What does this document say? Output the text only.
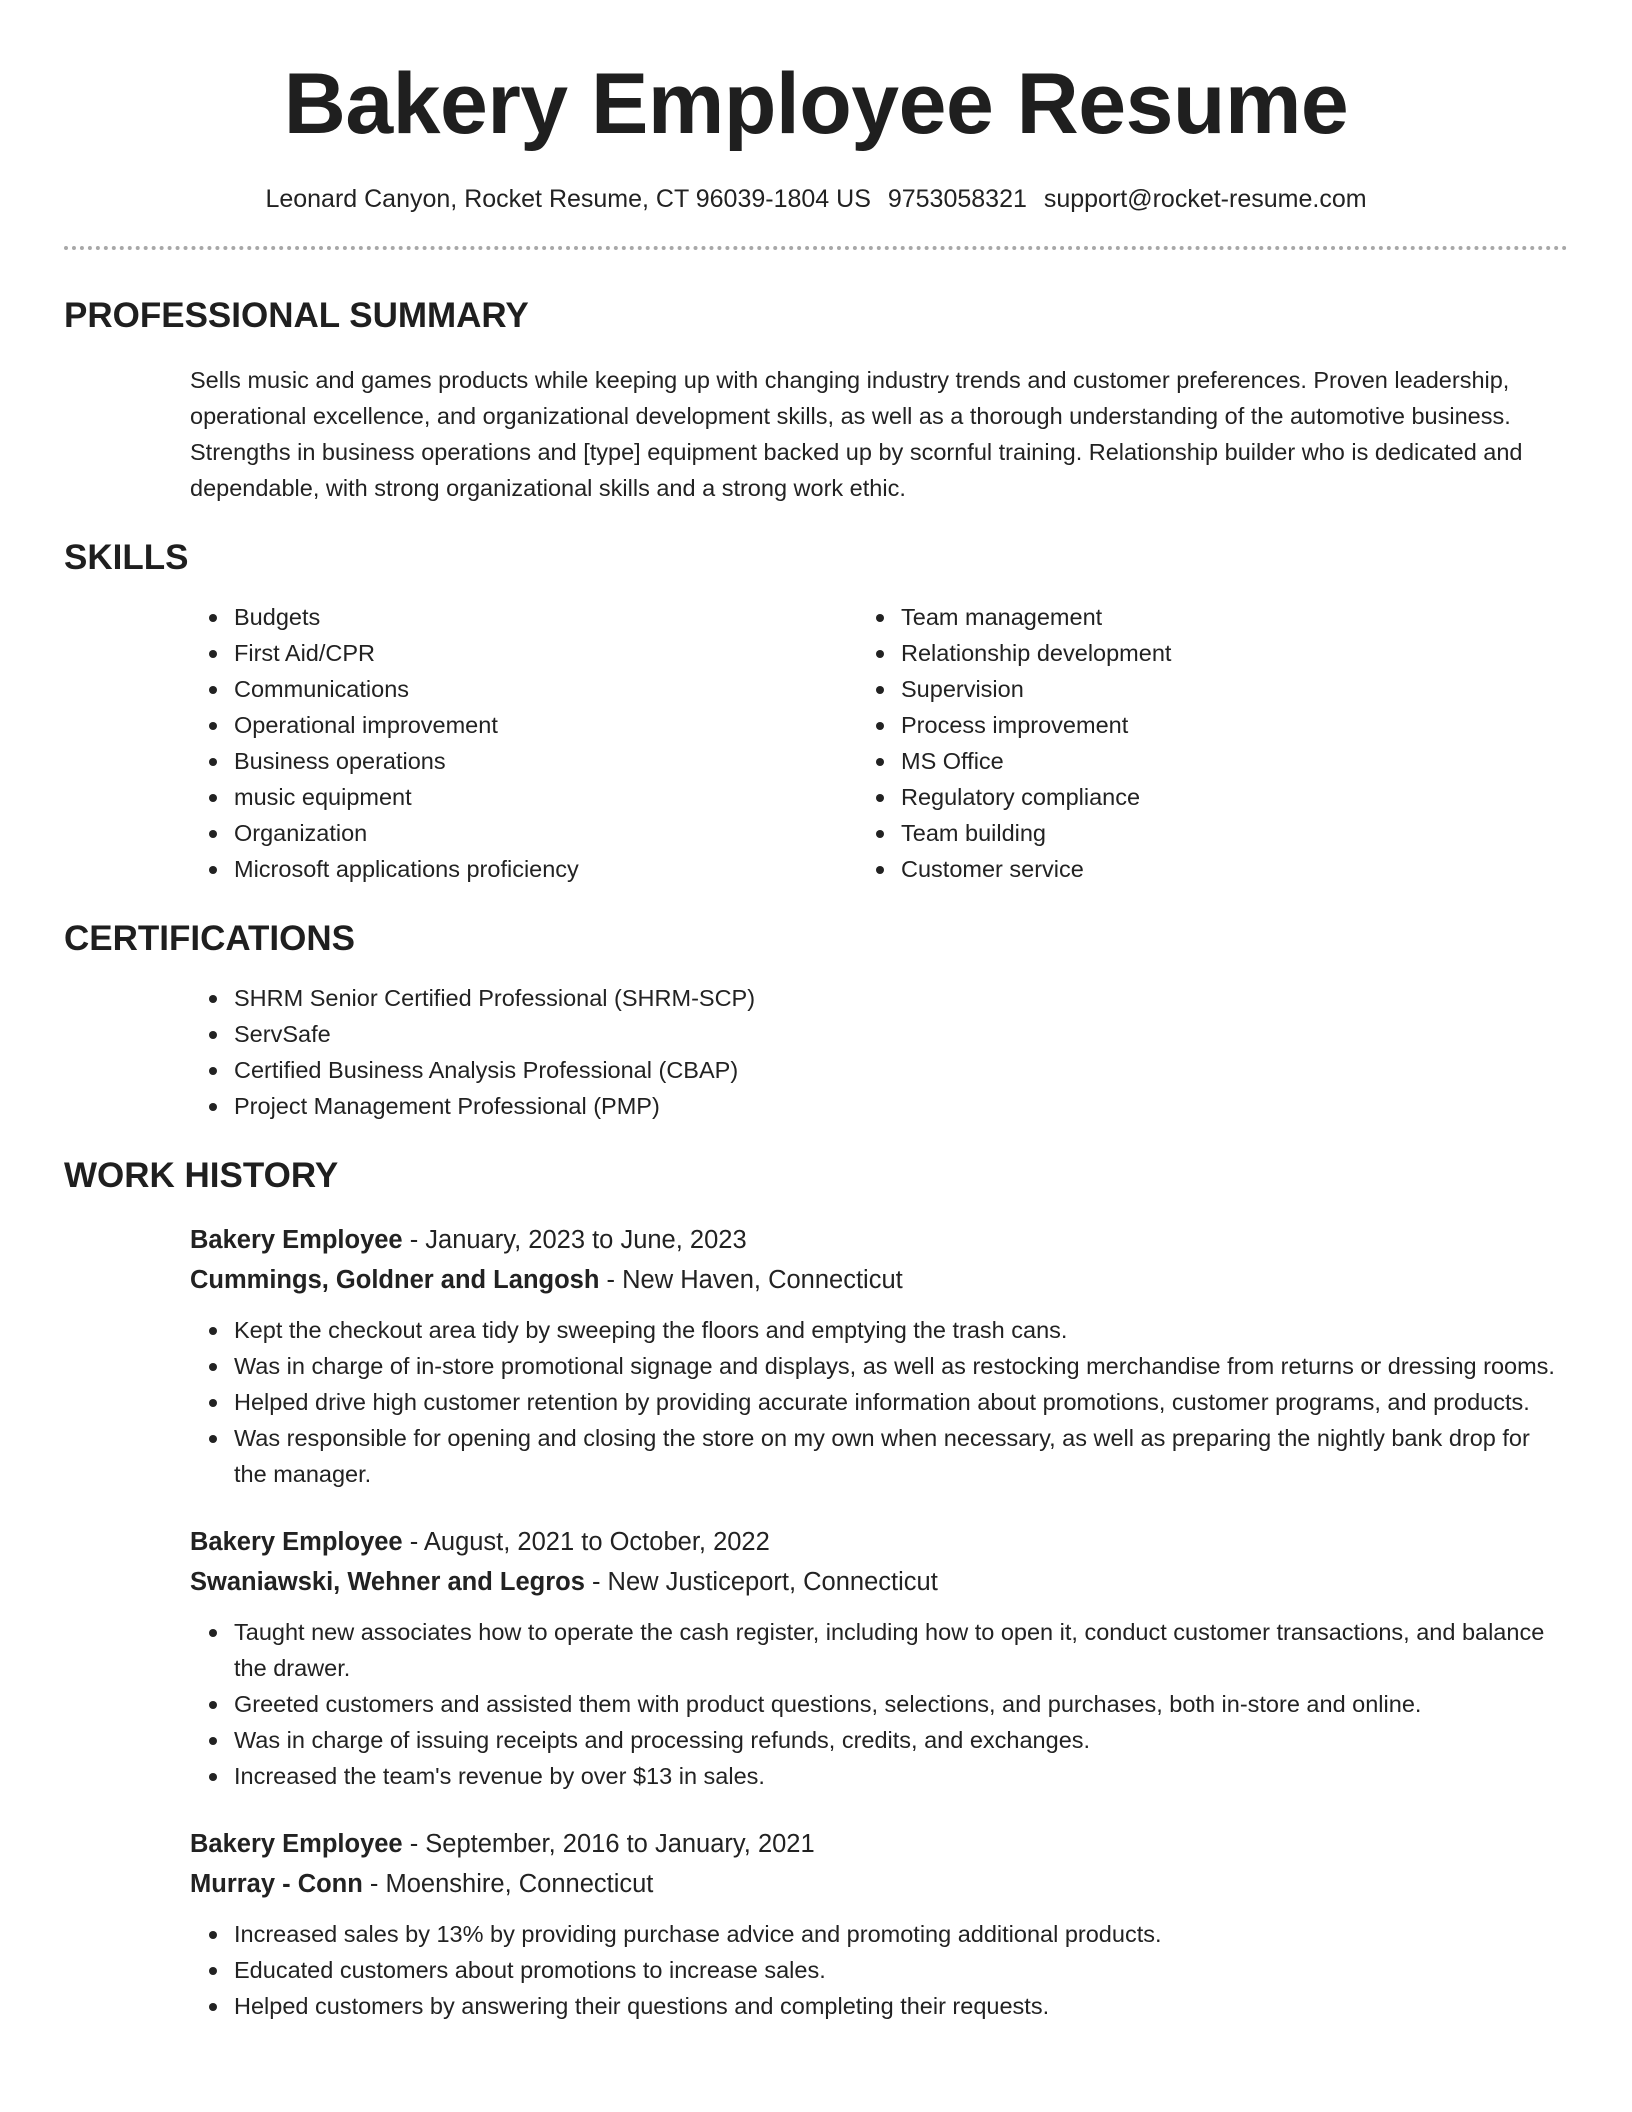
Bakery Employee Resume
Leonard Canyon, Rocket Resume, CT 96039-1804 US 9753058321 support@rocket-resume.com
PROFESSIONAL SUMMARY

Sells music and games products while keeping up with changing industry trends and customer preferences. Proven leadership, operational excellence, and organizational development skills, as well as a thorough understanding of the automotive business. Strengths in business operations and [type] equipment backed up by scornful training. Relationship builder who is dedicated and dependable, with strong organizational skills and a strong work ethic.

SKILLS
Budgets
First Aid/CPR
Communications
Operational improvement
Business operations
music equipment
Organization
Microsoft applications proficiency
Team management
Relationship development
Supervision
Process improvement
MS Office
Regulatory compliance
Team building
Customer service
CERTIFICATIONS
SHRM Senior Certified Professional (SHRM-SCP)
ServSafe
Certified Business Analysis Professional (CBAP)
Project Management Professional (PMP)
WORK HISTORY
Bakery Employee - January, 2023 to June, 2023
Cummings, Goldner and Langosh - New Haven, Connecticut
Kept the checkout area tidy by sweeping the floors and emptying the trash cans.
Was in charge of in-store promotional signage and displays, as well as restocking merchandise from returns or dressing rooms.
Helped drive high customer retention by providing accurate information about promotions, customer programs, and products.
Was responsible for opening and closing the store on my own when necessary, as well as preparing the nightly bank drop for the manager.
Bakery Employee - August, 2021 to October, 2022
Swaniawski, Wehner and Legros - New Justiceport, Connecticut
Taught new associates how to operate the cash register, including how to open it, conduct customer transactions, and balance the drawer.
Greeted customers and assisted them with product questions, selections, and purchases, both in-store and online.
Was in charge of issuing receipts and processing refunds, credits, and exchanges.
Increased the team's revenue by over $13 in sales.
Bakery Employee - September, 2016 to January, 2021
Murray - Conn - Moenshire, Connecticut
Increased sales by 13% by providing purchase advice and promoting additional products.
Educated customers about promotions to increase sales.
Helped customers by answering their questions and completing their requests.
